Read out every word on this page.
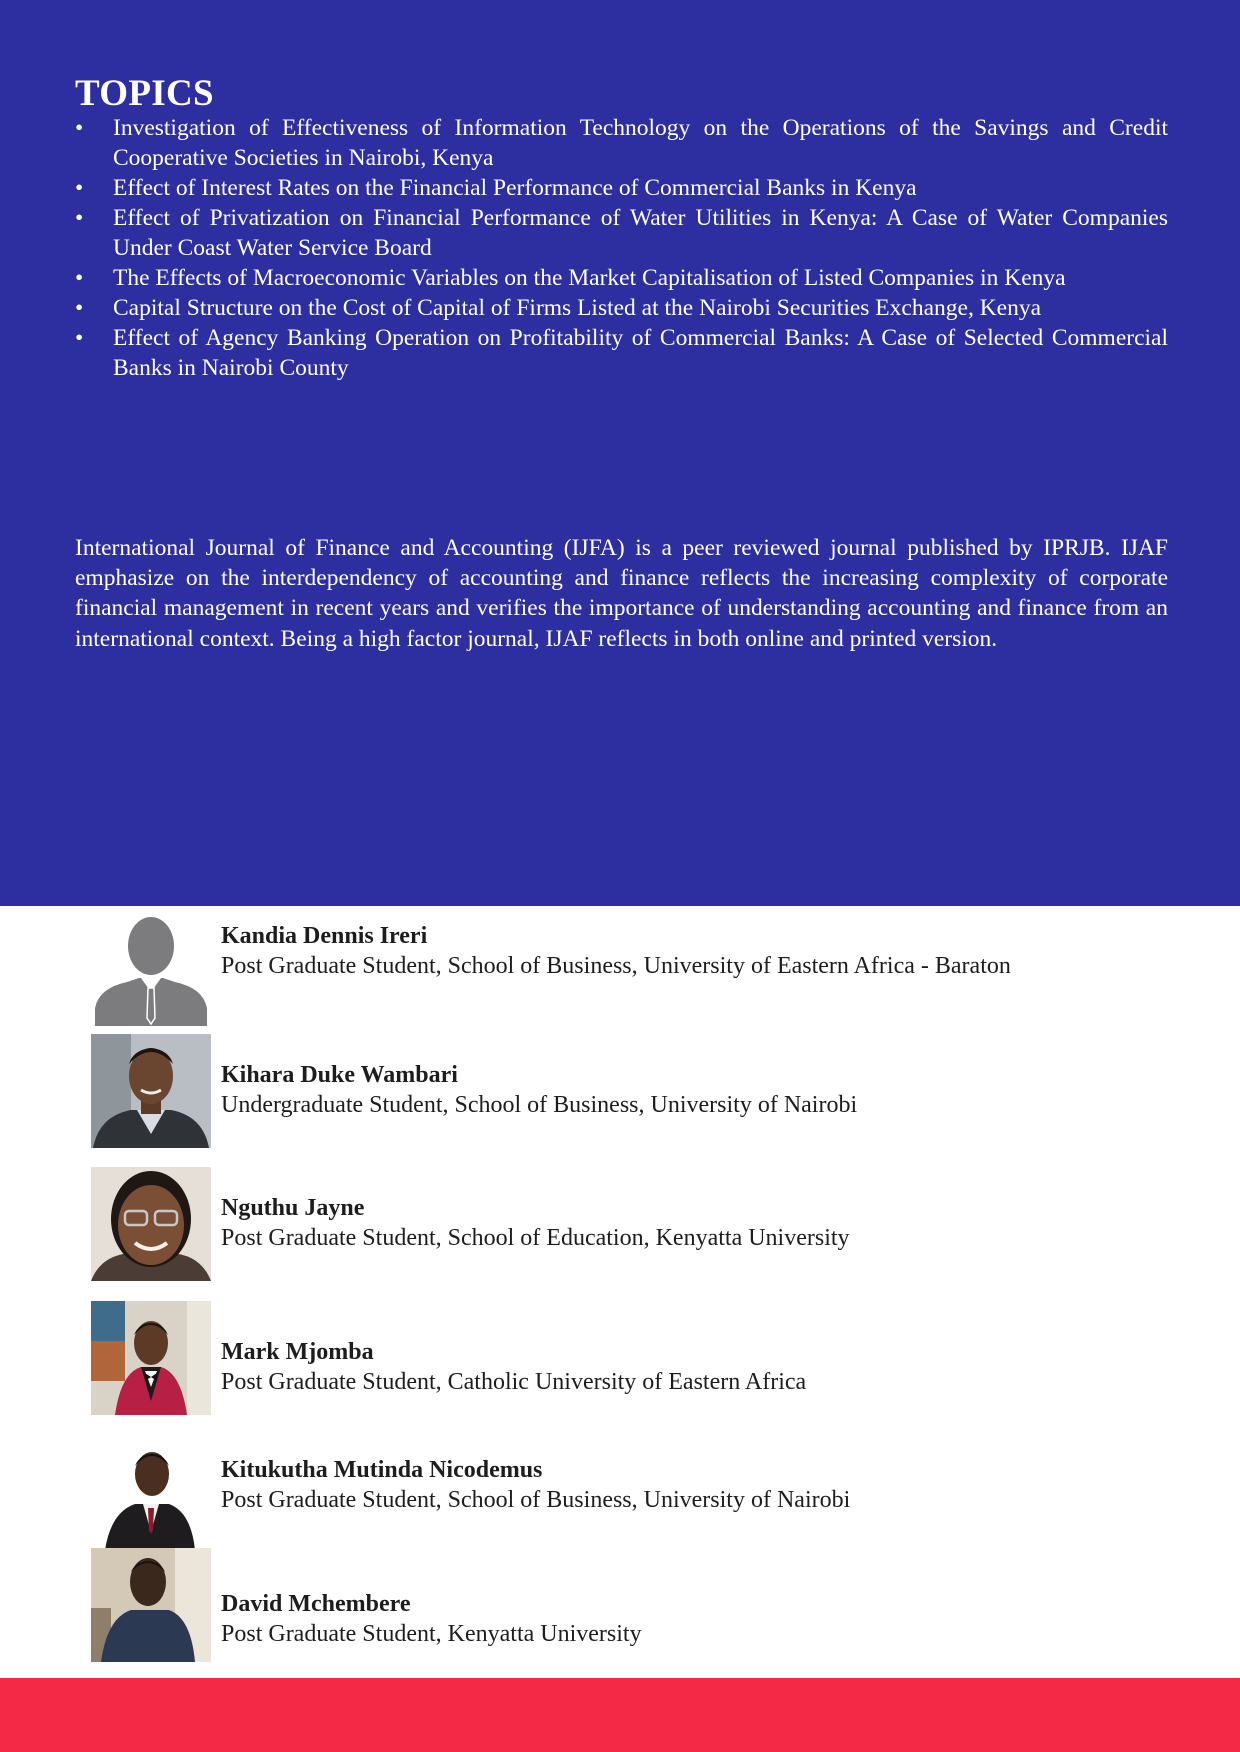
TOPICS
• Investigation of Effectiveness of Information Technology on the Operations of the Savings and Credit Cooperative Societies in Nairobi, Kenya
• Effect of Interest Rates on the Financial Performance of Commercial Banks in Kenya
• Effect of Privatization on Financial Performance of Water Utilities in Kenya: A Case of Water Companies Under Coast Water Service Board
• The Effects of Macroeconomic Variables on the Market Capitalisation of Listed Companies in Kenya
• Capital Structure on the Cost of Capital of Firms Listed at the Nairobi Securities Exchange, Kenya
• Effect of Agency Banking Operation on Profitability of Commercial Banks: A Case of Selected Commercial Banks in Nairobi County

International Journal of Finance and Accounting (IJFA) is a peer reviewed journal published by IPRJB. IJAF emphasize on the interdependency of accounting and finance reflects the increasing complexity of corporate financial management in recent years and verifies the importance of understanding accounting and finance from an international context. Being a high factor journal, IJAF reflects in both online and printed version.

Kandia Dennis Ireri
Post Graduate Student, School of Business, University of Eastern Africa - Baraton
Kihara Duke Wambari
Undergraduate Student, School of Business, University of Nairobi
Nguthu Jayne
Post Graduate Student, School of Education, Kenyatta University
Mark Mjomba
Post Graduate Student, Catholic University of Eastern Africa
Kitukutha Mutinda Nicodemus
Post Graduate Student, School of Business, University of Nairobi
David Mchembere
Post Graduate Student, Kenyatta University
